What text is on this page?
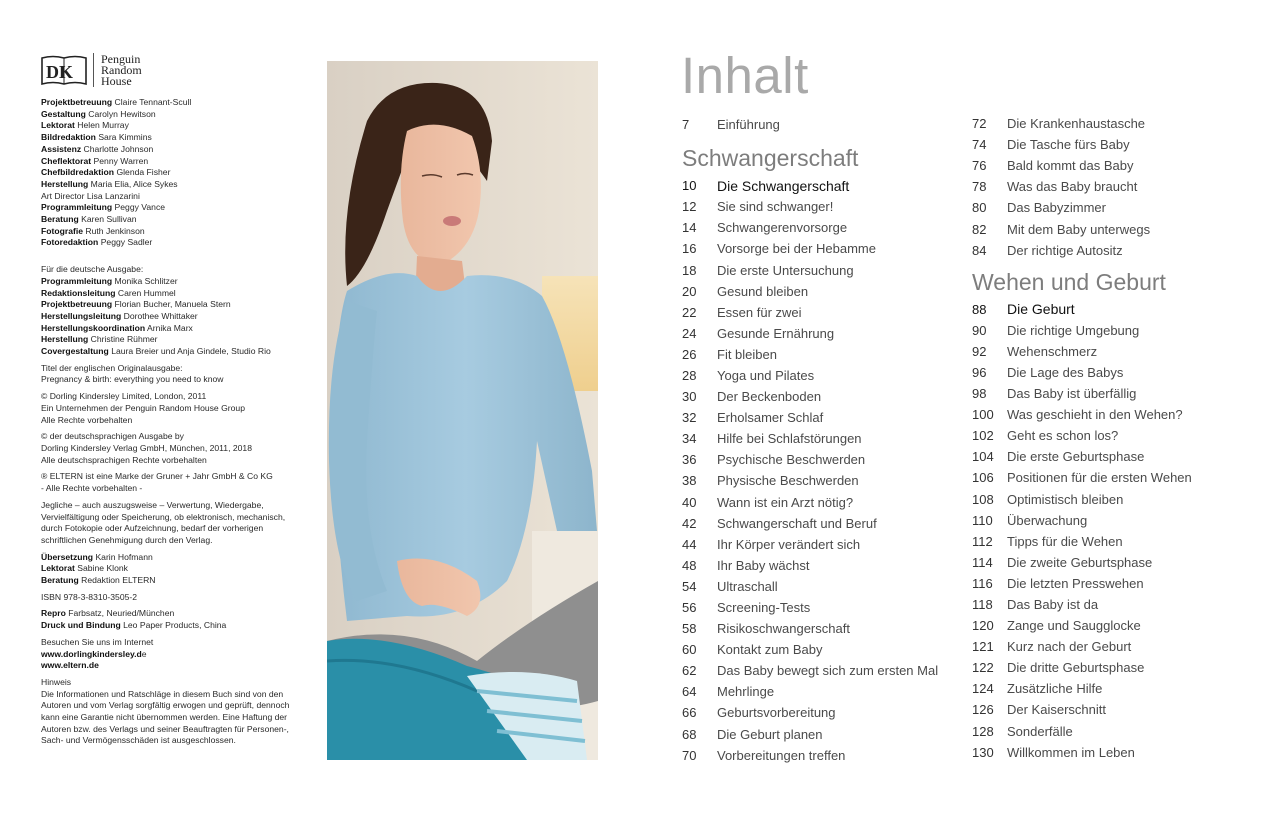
DK
Penguin
Random
House
Projektbetreuung Claire Tennant-Scull
Gestaltung Carolyn Hewitson
Lektorat Helen Murray
Bildredaktion Sara Kimmins
Assistenz Charlotte Johnson
Cheflektorat Penny Warren
Chefbildredaktion Glenda Fisher
Herstellung Maria Elia, Alice Sykes
Art Director Lisa Lanzarini
Programmleitung Peggy Vance
Beratung Karen Sullivan
Fotografie Ruth Jenkinson
Fotoredaktion Peggy Sadler
Für die deutsche Ausgabe:
Programmleitung Monika Schlitzer
Redaktionsleitung Caren Hummel
Projektbetreuung Florian Bucher, Manuela Stern
Herstellungsleitung Dorothee Whittaker
Herstellungskoordination Arnika Marx
Herstellung Christine Rühmer
Covergestaltung Laura Breier und Anja Gindele, Studio Rio
Titel der englischen Originalausgabe:
Pregnancy & birth: everything you need to know
© Dorling Kindersley Limited, London, 2011
Ein Unternehmen der Penguin Random House Group
Alle Rechte vorbehalten
© der deutschsprachigen Ausgabe by
Dorling Kindersley Verlag GmbH, München, 2011, 2018
Alle deutschsprachigen Rechte vorbehalten
® ELTERN ist eine Marke der Gruner + Jahr GmbH & Co KG
- Alle Rechte vorbehalten -
Jegliche – auch auszugsweise – Verwertung, Wiedergabe,
Vervielfältigung oder Speicherung, ob elektronisch, mechanisch,
durch Fotokopie oder Aufzeichnung, bedarf der vorherigen
schriftlichen Genehmigung durch den Verlag.
Übersetzung Karin Hofmann
Lektorat Sabine Klonk
Beratung Redaktion ELTERN
ISBN 978-3-8310-3505-2
Repro Farbsatz, Neuried/München
Druck und Bindung Leo Paper Products, China
Besuchen Sie uns im Internet
www.dorlingkindersley.de
www.eltern.de
Hinweis
Die Informationen und Ratschläge in diesem Buch sind von den
Autoren und vom Verlag sorgfältig erwogen und geprüft, dennoch
kann eine Garantie nicht übernommen werden. Eine Haftung der
Autoren bzw. des Verlags und seiner Beauftragten für Personen-,
Sach- und Vermögensschäden ist ausgeschlossen.
Inhalt
7	Einführung
Schwangerschaft
10	Die Schwangerschaft
12	Sie sind schwanger!
14	Schwangerenvorsorge
16	Vorsorge bei der Hebamme
18	Die erste Untersuchung
20	Gesund bleiben
22	Essen für zwei
24	Gesunde Ernährung
26	Fit bleiben
28	Yoga und Pilates
30	Der Beckenboden
32	Erholsamer Schlaf
34	Hilfe bei Schlafstörungen
36	Psychische Beschwerden
38	Physische Beschwerden
40	Wann ist ein Arzt nötig?
42	Schwangerschaft und Beruf
44	Ihr Körper verändert sich
48	Ihr Baby wächst
54	Ultraschall
56	Screening-Tests
58	Risikoschwangerschaft
60	Kontakt zum Baby
62	Das Baby bewegt sich zum ersten Mal
64	Mehrlinge
66	Geburtsvorbereitung
68	Die Geburt planen
70	Vorbereitungen treffen
72	Die Krankenhaustasche
74	Die Tasche fürs Baby
76	Bald kommt das Baby
78	Was das Baby braucht
80	Das Babyzimmer
82	Mit dem Baby unterwegs
84	Der richtige Autositz
Wehen und Geburt
88	Die Geburt
90	Die richtige Umgebung
92	Wehenschmerz
96	Die Lage des Babys
98	Das Baby ist überfällig
100	Was geschieht in den Wehen?
102	Geht es schon los?
104	Die erste Geburtsphase
106	Positionen für die ersten Wehen
108	Optimistisch bleiben
110	Überwachung
112	Tipps für die Wehen
114	Die zweite Geburtsphase
116	Die letzten Presswehen
118	Das Baby ist da
120	Zange und Saugglocke
121	Kurz nach der Geburt
122	Die dritte Geburtsphase
124	Zusätzliche Hilfe
126	Der Kaiserschnitt
128	Sonderfälle
130	Willkommen im Leben
